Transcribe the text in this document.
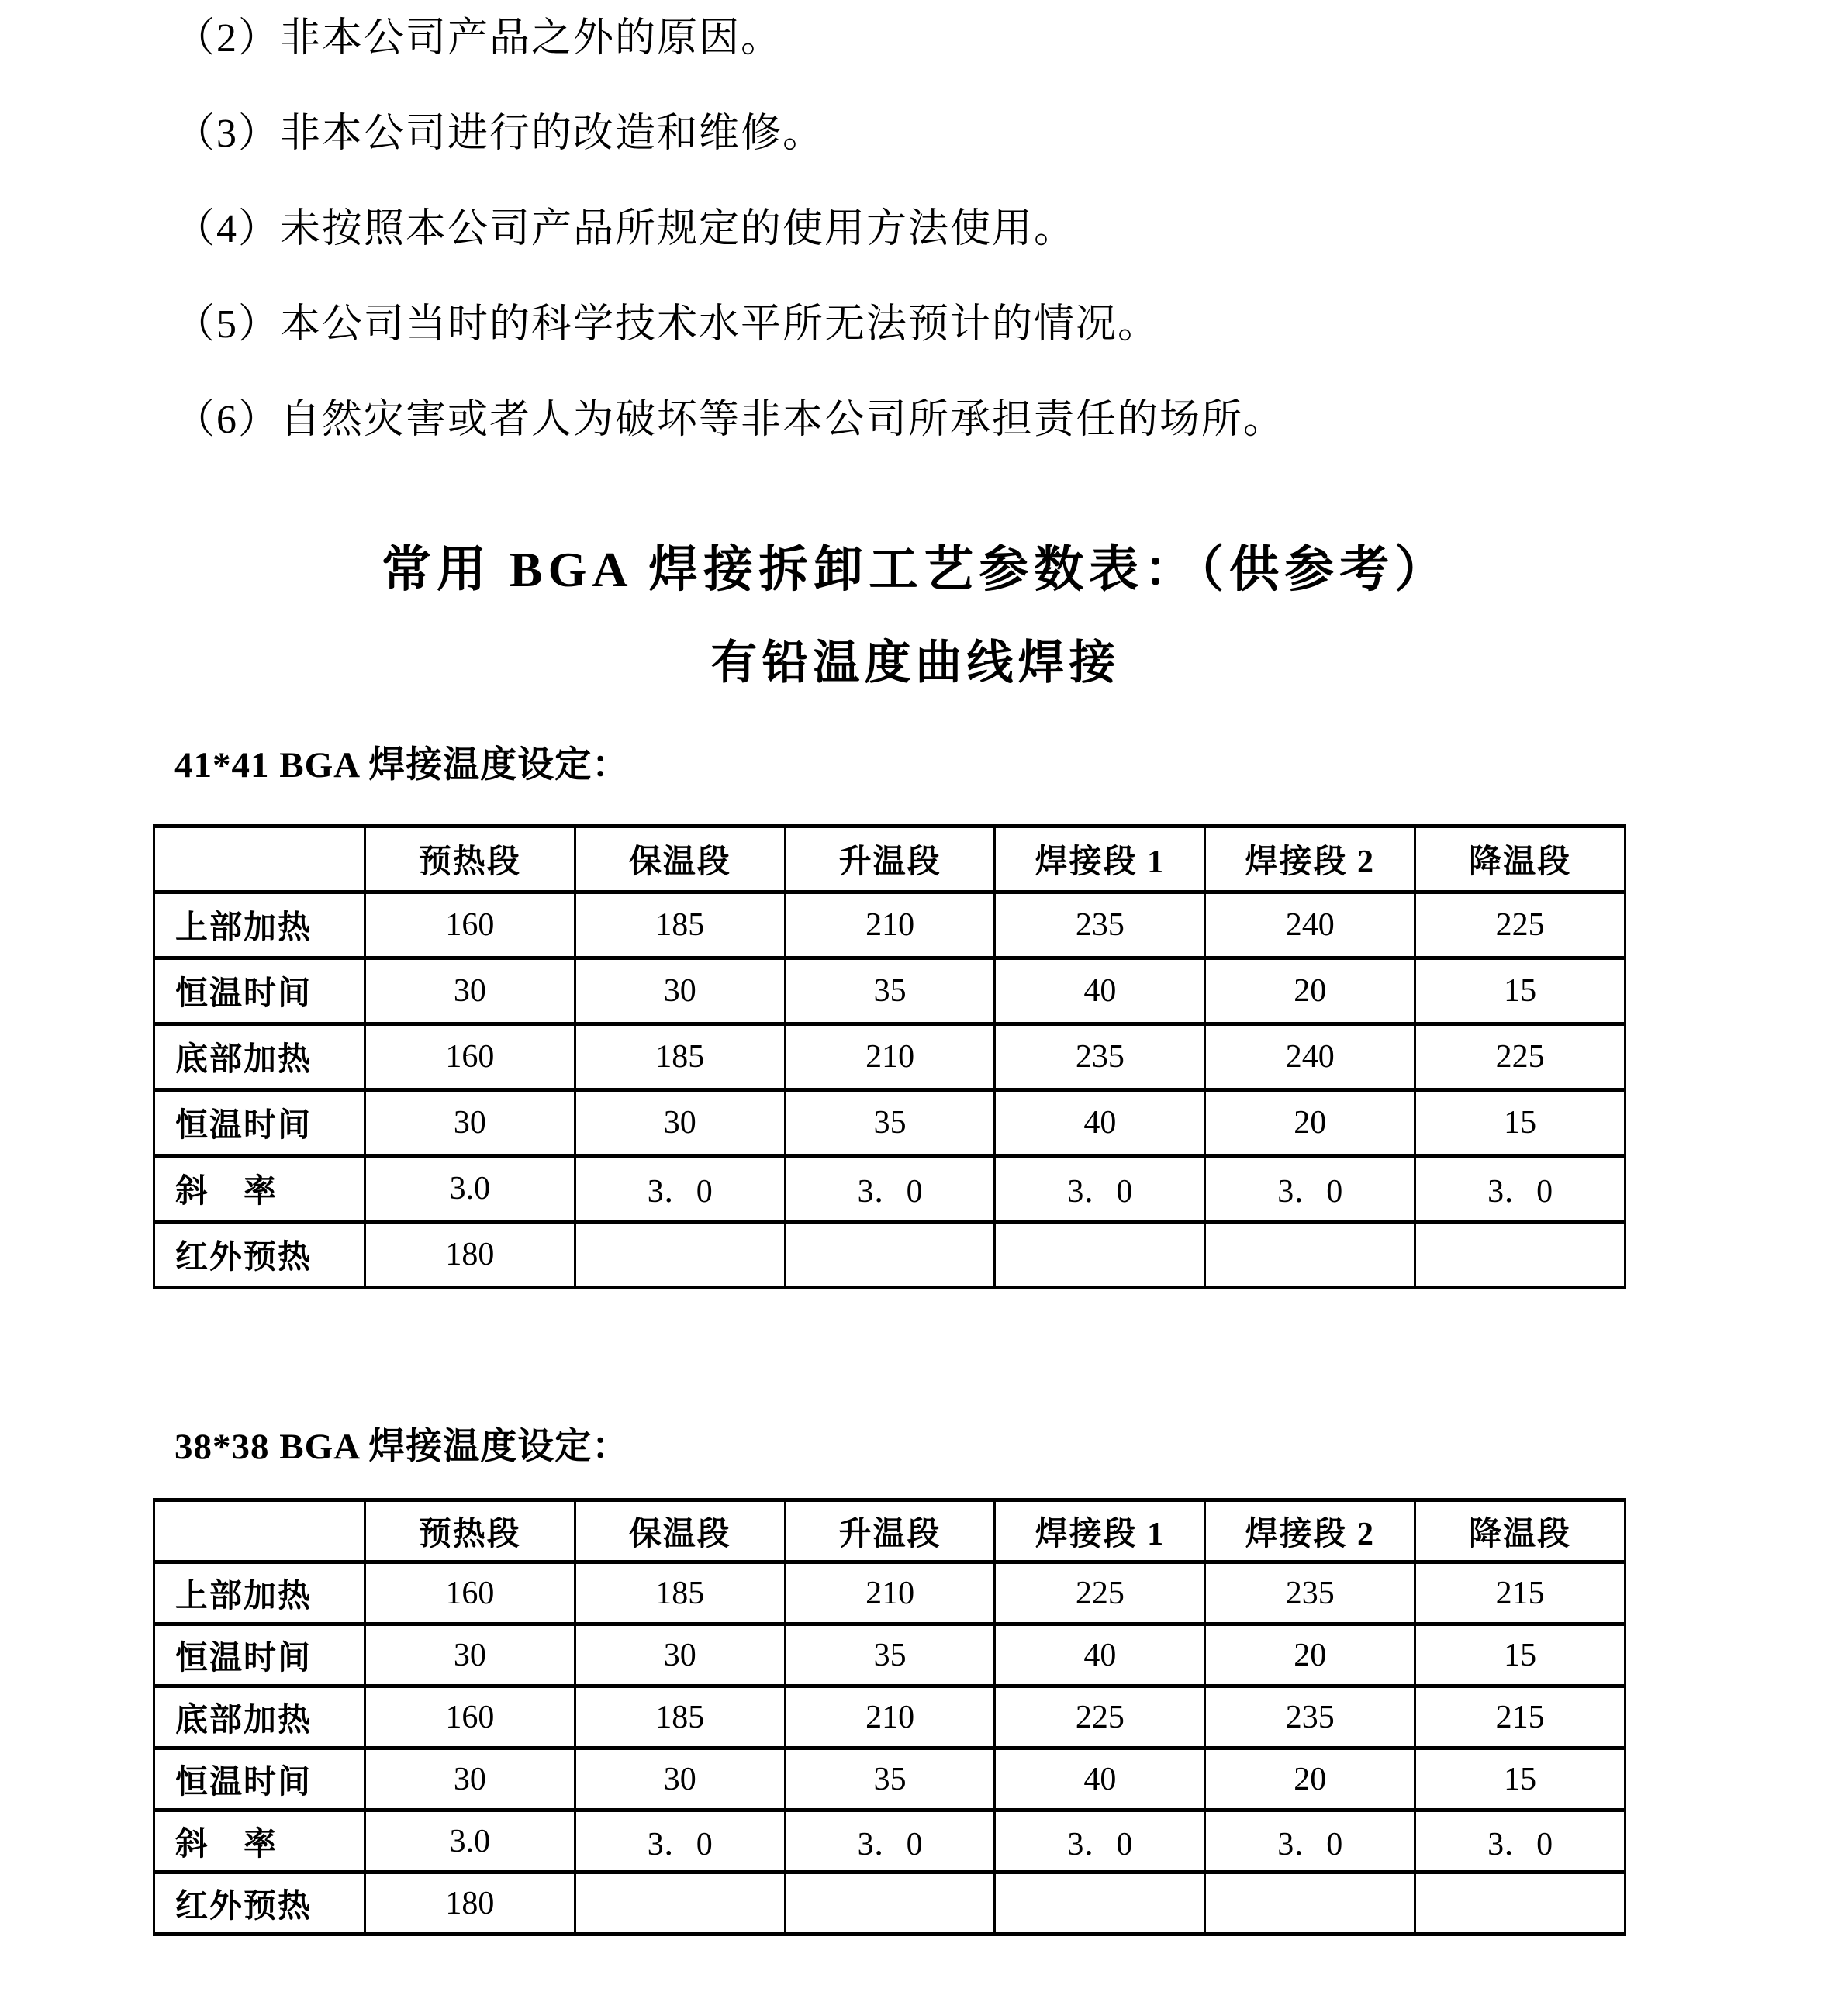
（2）非本公司产品之外的原因。
（3）非本公司进行的改造和维修。
（4）未按照本公司产品所规定的使用方法使用。
（5）本公司当时的科学技术水平所无法预计的情况。
（6）自然灾害或者人为破坏等非本公司所承担责任的场所。
常用 BGA 焊接拆卸工艺参数表：（供参考）
有铅温度曲线焊接
41*41 BGA 焊接温度设定：
	预热段	保温段	升温段	焊接段 1	焊接段 2	降温段
上部加热	160	185	210	235	240	225
恒温时间	30	30	35	40	20	15
底部加热	160	185	210	235	240	225
恒温时间	30	30	35	40	20	15
斜　率	3.0	3．0	3．0	3．0	3．0	3．0
红外预热	180					
38*38 BGA 焊接温度设定：
	预热段	保温段	升温段	焊接段 1	焊接段 2	降温段
上部加热	160	185	210	225	235	215
恒温时间	30	30	35	40	20	15
底部加热	160	185	210	225	235	215
恒温时间	30	30	35	40	20	15
斜　率	3.0	3．0	3．0	3．0	3．0	3．0
红外预热	180					
